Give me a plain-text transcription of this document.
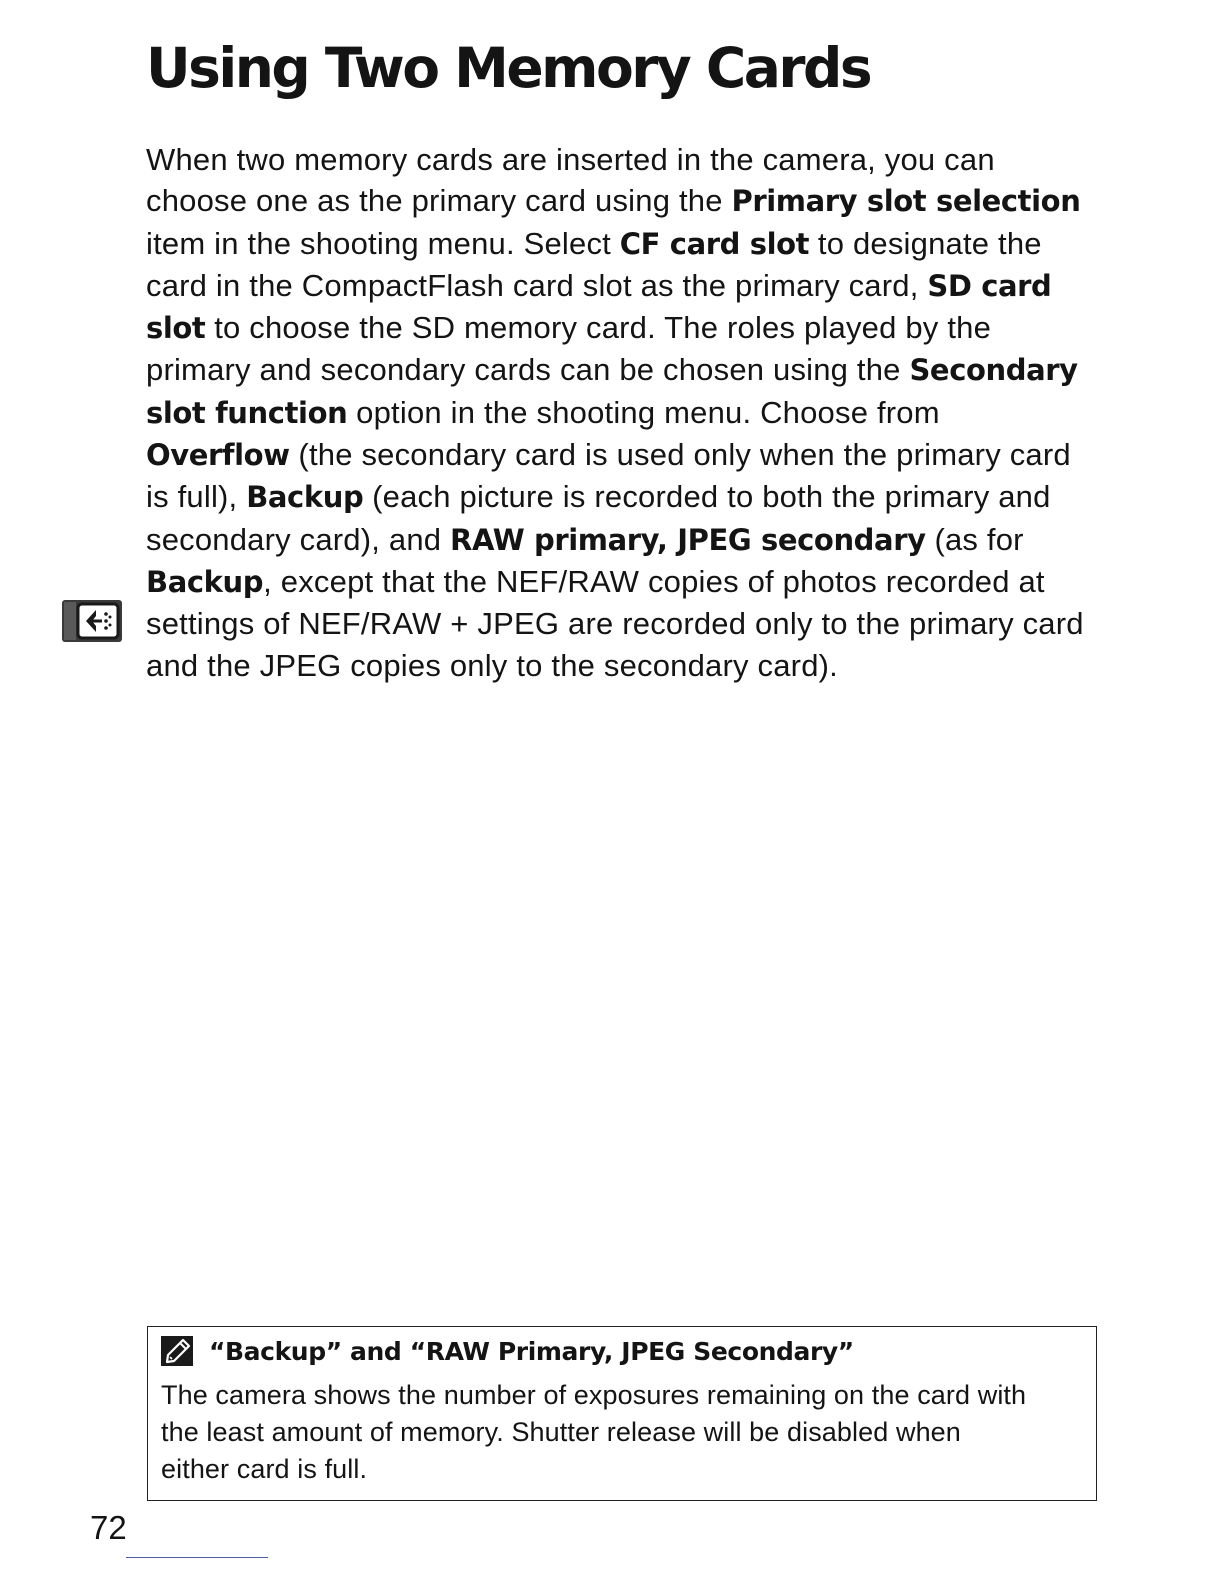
Using Two Memory Cards
When two memory cards are inserted in the camera, you can
choose one as the primary card using the Primary slot selection
item in the shooting menu. Select CF card slot to designate the
card in the CompactFlash card slot as the primary card, SD card
slot to choose the SD memory card. The roles played by the
primary and secondary cards can be chosen using the Secondary
slot function option in the shooting menu. Choose from
Overflow (the secondary card is used only when the primary card
is full), Backup (each picture is recorded to both the primary and
secondary card), and RAW primary, JPEG secondary (as for
Backup, except that the NEF/RAW copies of photos recorded at
settings of NEF/RAW + JPEG are recorded only to the primary card
and the JPEG copies only to the secondary card).
“Backup” and “RAW Primary, JPEG Secondary”
The camera shows the number of exposures remaining on the card with
the least amount of memory. Shutter release will be disabled when
either card is full.
72
